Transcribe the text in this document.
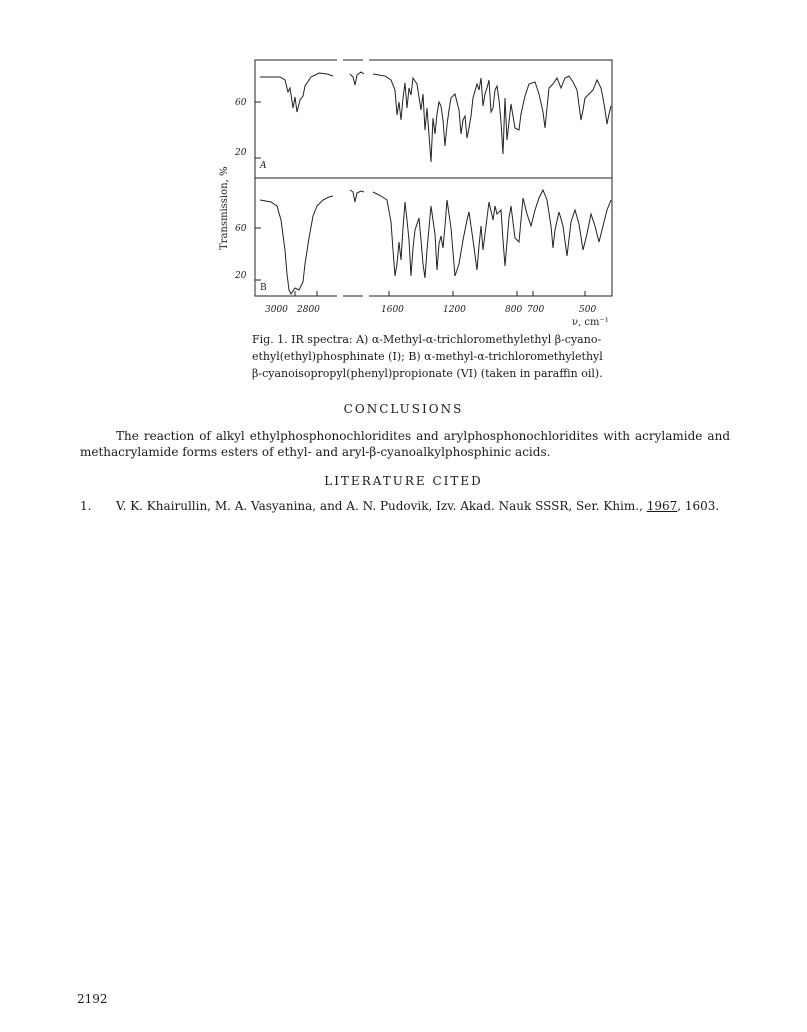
60
20
60
20
Transmission, %
A
B
3000 2800	1600	1200	800 700	500
ν, cm⁻¹

Fig. 1. IR spectra: A) α-Methyl-α-trichloromethylethyl β-cyano-

ethyl(ethyl)phosphinate (I); B) α-methyl-α-trichloromethylethyl

β-cyanoisopropyl(phenyl)propionate (VI) (taken in paraffin oil).

CONCLUSIONS
The reaction of alkyl ethylphosphonochloridites and arylphosphonochloridites with acrylamide and methacrylamide forms esters of ethyl- and aryl-β-cyanoalkylphosphinic acids.
LITERATURE CITED
1. V. K. Khairullin, M. A. Vasyanina, and A. N. Pudovik, Izv. Akad. Nauk SSSR, Ser. Khim., 1967, 1603.
2192
